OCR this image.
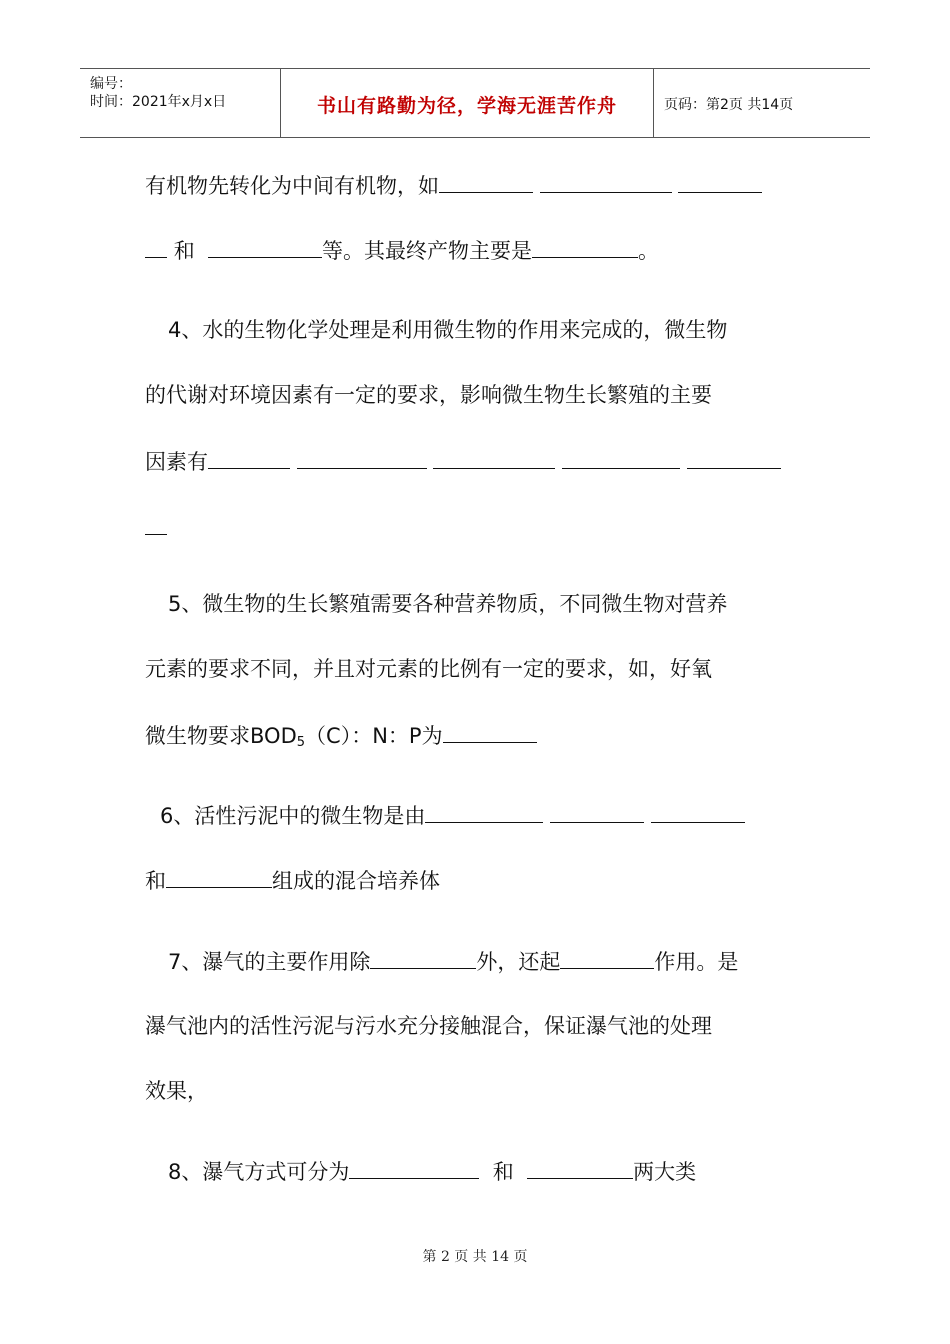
编号：
时间：2021年x月x日	书山有路勤为径，学海无涯苦作舟	页码：第2页 共14页
有机物先转化为中间有机物，如
和	等。其最终产物主要是	。
4、水的生物化学处理是利用微生物的作用来完成的，微生物
的代谢对环境因素有一定的要求，影响微生物生长繁殖的主要
因素有
5、微生物的生长繁殖需要各种营养物质，不同微生物对营养
元素的要求不同，并且对元素的比例有一定的要求，如，好氧
微生物要求$BOD_5(C)$：N：P为
6、活性污泥中的微生物是由
和	组成的混合培养体
7、瀑气的主要作用除	外，还起	作用。是
瀑气池内的活性污泥与污水充分接触混合，保证瀑气池的处理
效果，
8、瀑气方式可分为	和	两大类
第 2 页 共 14 页
